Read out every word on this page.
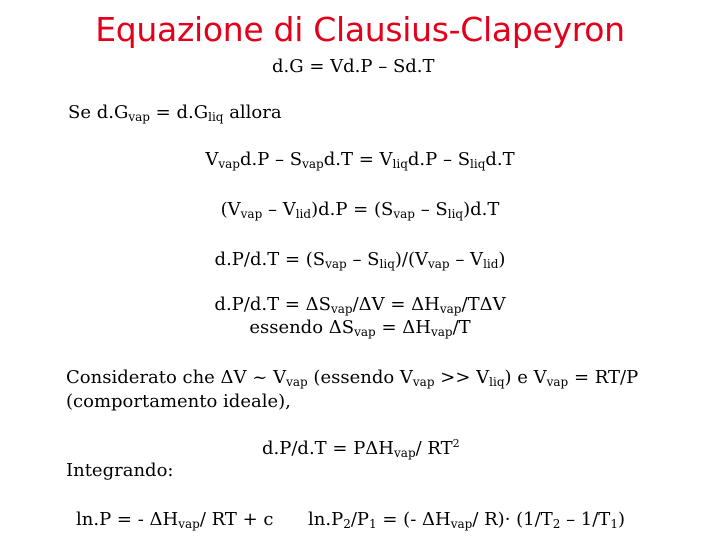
Equazione di Clausius-Clapeyron
d.G = Vd.P – Sd.T
Se $d.G_{vap} = d.G_{liq}$ allora
$V_{vap}d.P - S_{vap}d.T = V_{liq}d.P - S_{liq}d.T$
$(V_{vap} - V_{lid})d.P = (S_{vap} - S_{liq})d.T$
$d.P/d.T = (S_{vap} - S_{liq})/(V_{vap} - V_{lid})$
$d.P/d.T = \Delta S_{vap}/\Delta V = \Delta H_{vap}/T\Delta V$
essendo $\Delta S_{vap} = \Delta H_{vap}/T$
Considerato che ΔV ~ $V_{vap}$ (essendo $V_{vap} >> V_{liq}$) e $V_{vap} = RT/P$
(comportamento ideale),
$d.P/d.T = P\Delta H_{vap}/$ $RT^2$
Integrando:
ln.P = - $\Delta H_{vap}/$ RT + c $\ln.P_2/P_1$ = (- $\Delta H_{vap}/$ $R)\cdot (1/T_2 - 1/T_1)$
